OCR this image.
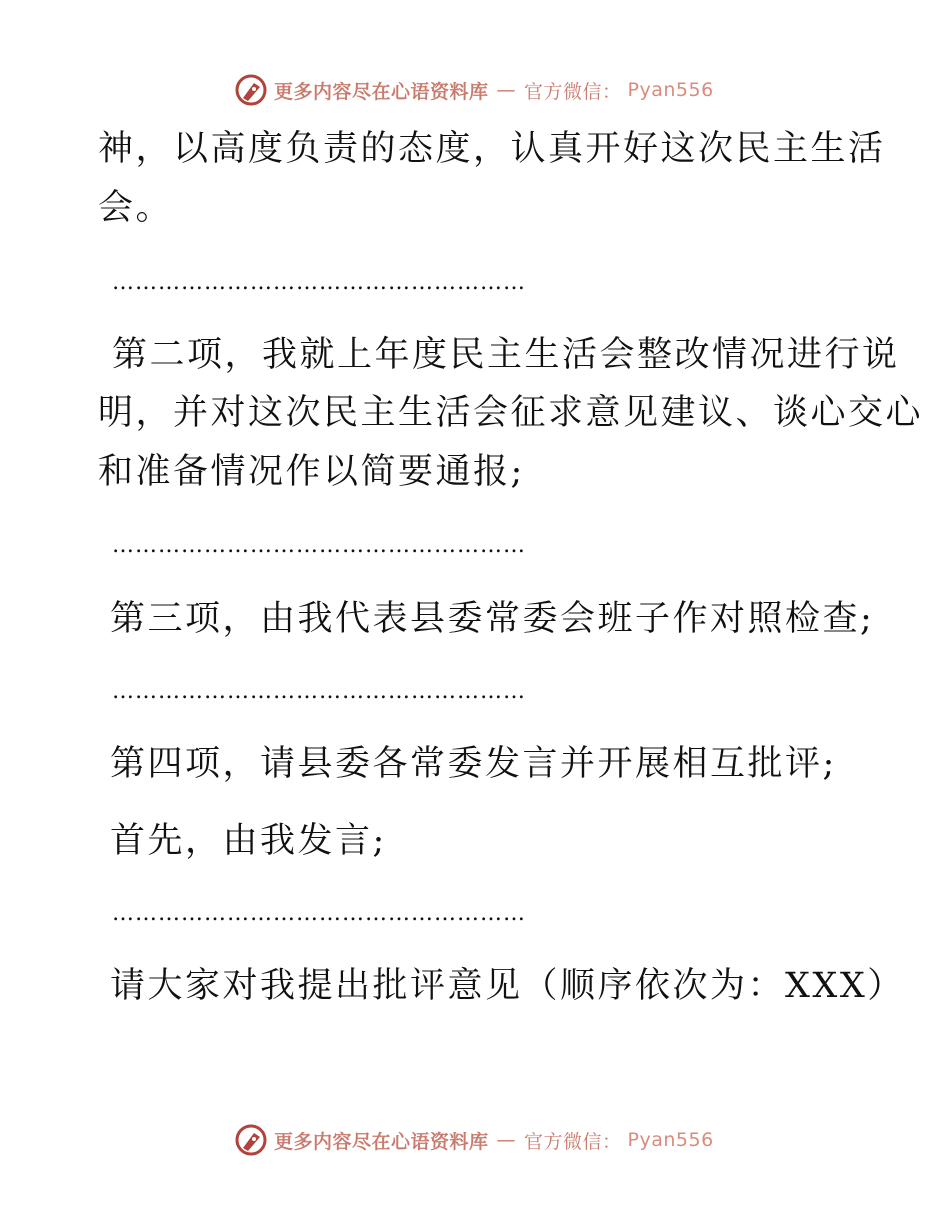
更多内容尽在心语资料库 — 官方微信： Pyan556
神，以高度负责的态度，认真开好这次民主生活
会。
………………………………………………
第二项，我就上年度民主生活会整改情况进行说
明，并对这次民主生活会征求意见建议、谈心交心
和准备情况作以简要通报;
………………………………………………
第三项，由我代表县委常委会班子作对照检查;
………………………………………………
第四项，请县委各常委发言并开展相互批评;
首先，由我发言;
………………………………………………
请大家对我提出批评意见（顺序依次为：XXX）
更多内容尽在心语资料库 — 官方微信： Pyan556
